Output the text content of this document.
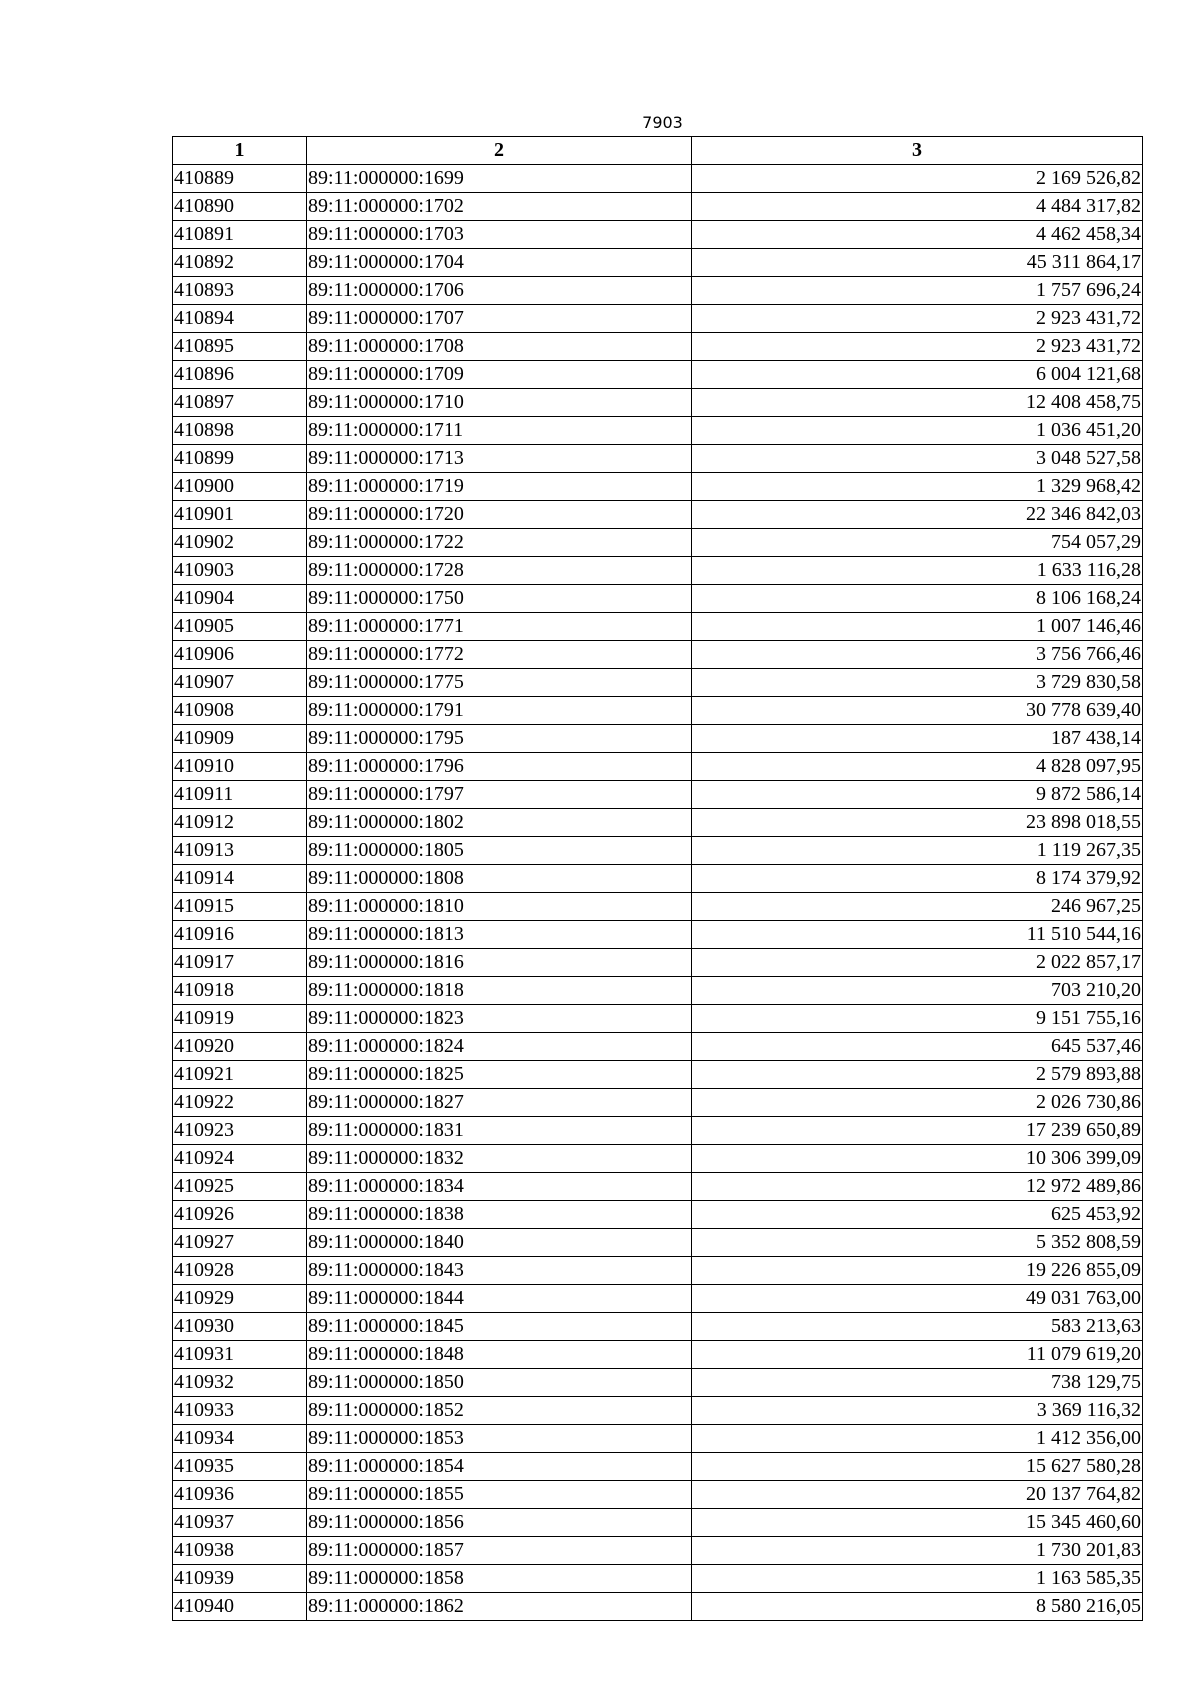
7903
1	2	3
410889	89:11:000000:1699	2 169 526,82
410890	89:11:000000:1702	4 484 317,82
410891	89:11:000000:1703	4 462 458,34
410892	89:11:000000:1704	45 311 864,17
410893	89:11:000000:1706	1 757 696,24
410894	89:11:000000:1707	2 923 431,72
410895	89:11:000000:1708	2 923 431,72
410896	89:11:000000:1709	6 004 121,68
410897	89:11:000000:1710	12 408 458,75
410898	89:11:000000:1711	1 036 451,20
410899	89:11:000000:1713	3 048 527,58
410900	89:11:000000:1719	1 329 968,42
410901	89:11:000000:1720	22 346 842,03
410902	89:11:000000:1722	754 057,29
410903	89:11:000000:1728	1 633 116,28
410904	89:11:000000:1750	8 106 168,24
410905	89:11:000000:1771	1 007 146,46
410906	89:11:000000:1772	3 756 766,46
410907	89:11:000000:1775	3 729 830,58
410908	89:11:000000:1791	30 778 639,40
410909	89:11:000000:1795	187 438,14
410910	89:11:000000:1796	4 828 097,95
410911	89:11:000000:1797	9 872 586,14
410912	89:11:000000:1802	23 898 018,55
410913	89:11:000000:1805	1 119 267,35
410914	89:11:000000:1808	8 174 379,92
410915	89:11:000000:1810	246 967,25
410916	89:11:000000:1813	11 510 544,16
410917	89:11:000000:1816	2 022 857,17
410918	89:11:000000:1818	703 210,20
410919	89:11:000000:1823	9 151 755,16
410920	89:11:000000:1824	645 537,46
410921	89:11:000000:1825	2 579 893,88
410922	89:11:000000:1827	2 026 730,86
410923	89:11:000000:1831	17 239 650,89
410924	89:11:000000:1832	10 306 399,09
410925	89:11:000000:1834	12 972 489,86
410926	89:11:000000:1838	625 453,92
410927	89:11:000000:1840	5 352 808,59
410928	89:11:000000:1843	19 226 855,09
410929	89:11:000000:1844	49 031 763,00
410930	89:11:000000:1845	583 213,63
410931	89:11:000000:1848	11 079 619,20
410932	89:11:000000:1850	738 129,75
410933	89:11:000000:1852	3 369 116,32
410934	89:11:000000:1853	1 412 356,00
410935	89:11:000000:1854	15 627 580,28
410936	89:11:000000:1855	20 137 764,82
410937	89:11:000000:1856	15 345 460,60
410938	89:11:000000:1857	1 730 201,83
410939	89:11:000000:1858	1 163 585,35
410940	89:11:000000:1862	8 580 216,05
